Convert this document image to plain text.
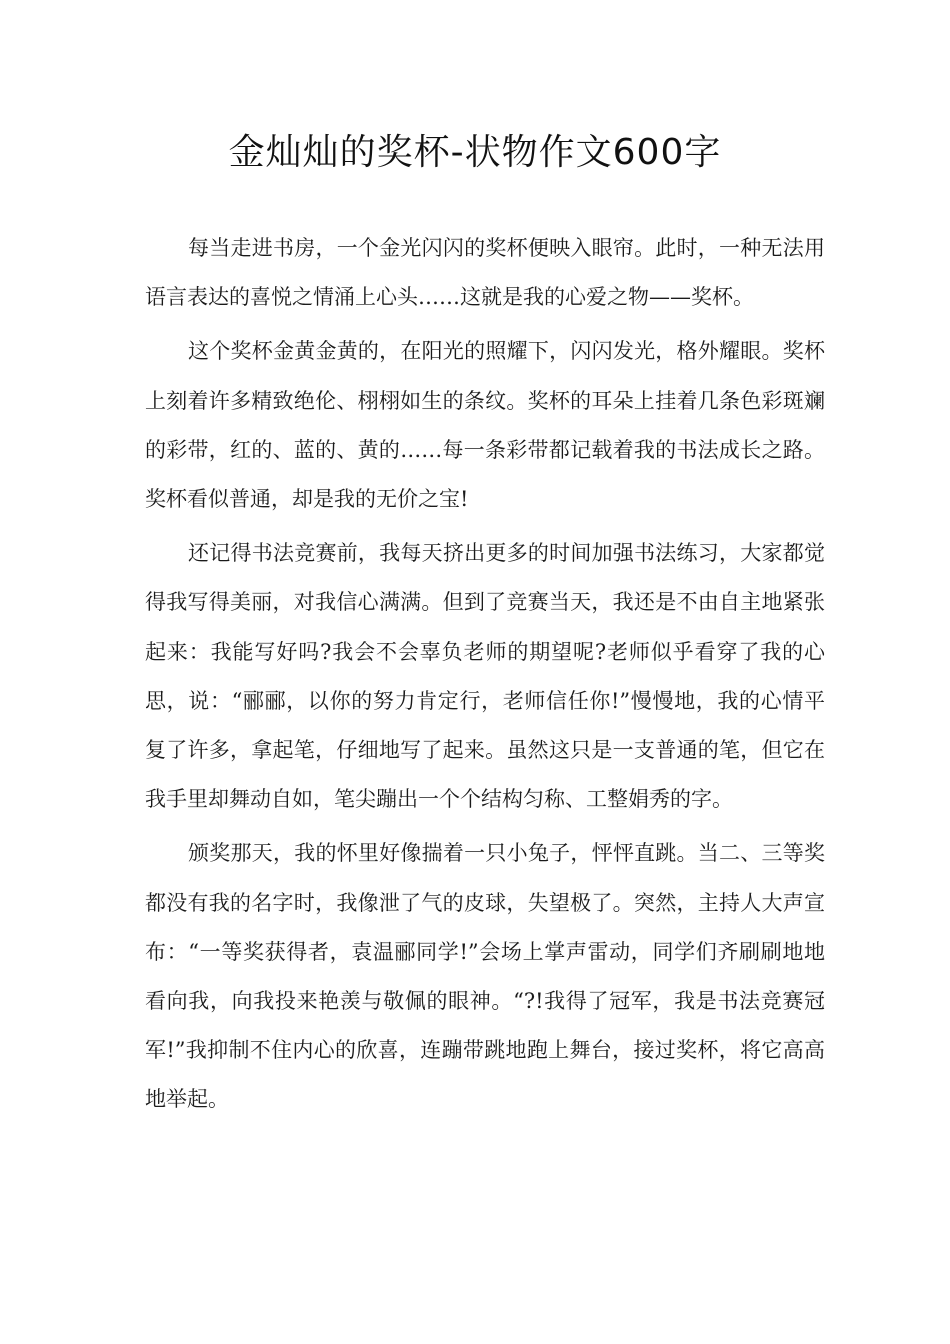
金灿灿的奖杯-状物作文600字

每当走进书房，一个金光闪闪的奖杯便映入眼帘。此时，一种无法用语言表达的喜悦之情涌上心头……这就是我的心爱之物——奖杯。

这个奖杯金黄金黄的，在阳光的照耀下，闪闪发光，格外耀眼。奖杯上刻着许多精致绝伦、栩栩如生的条纹。奖杯的耳朵上挂着几条色彩斑斓的彩带，红的、蓝的、黄的……每一条彩带都记载着我的书法成长之路。奖杯看似普通，却是我的无价之宝!

还记得书法竞赛前，我每天挤出更多的时间加强书法练习，大家都觉得我写得美丽，对我信心满满。但到了竞赛当天，我还是不由自主地紧张起来：我能写好吗?我会不会辜负老师的期望呢?老师似乎看穿了我的心思，说：“郦郦，以你的努力肯定行，老师信任你!”慢慢地，我的心情平复了许多，拿起笔，仔细地写了起来。虽然这只是一支普通的笔，但它在我手里却舞动自如，笔尖蹦出一个个结构匀称、工整娟秀的字。

颁奖那天，我的怀里好像揣着一只小兔子，怦怦直跳。当二、三等奖都没有我的名字时，我像泄了气的皮球，失望极了。突然，主持人大声宣布：“一等奖获得者，袁温郦同学!”会场上掌声雷动，同学们齐刷刷地地看向我，向我投来艳羡与敬佩的眼神。“?!我得了冠军，我是书法竞赛冠军!”我抑制不住内心的欣喜，连蹦带跳地跑上舞台，接过奖杯，将它高高地举起。
